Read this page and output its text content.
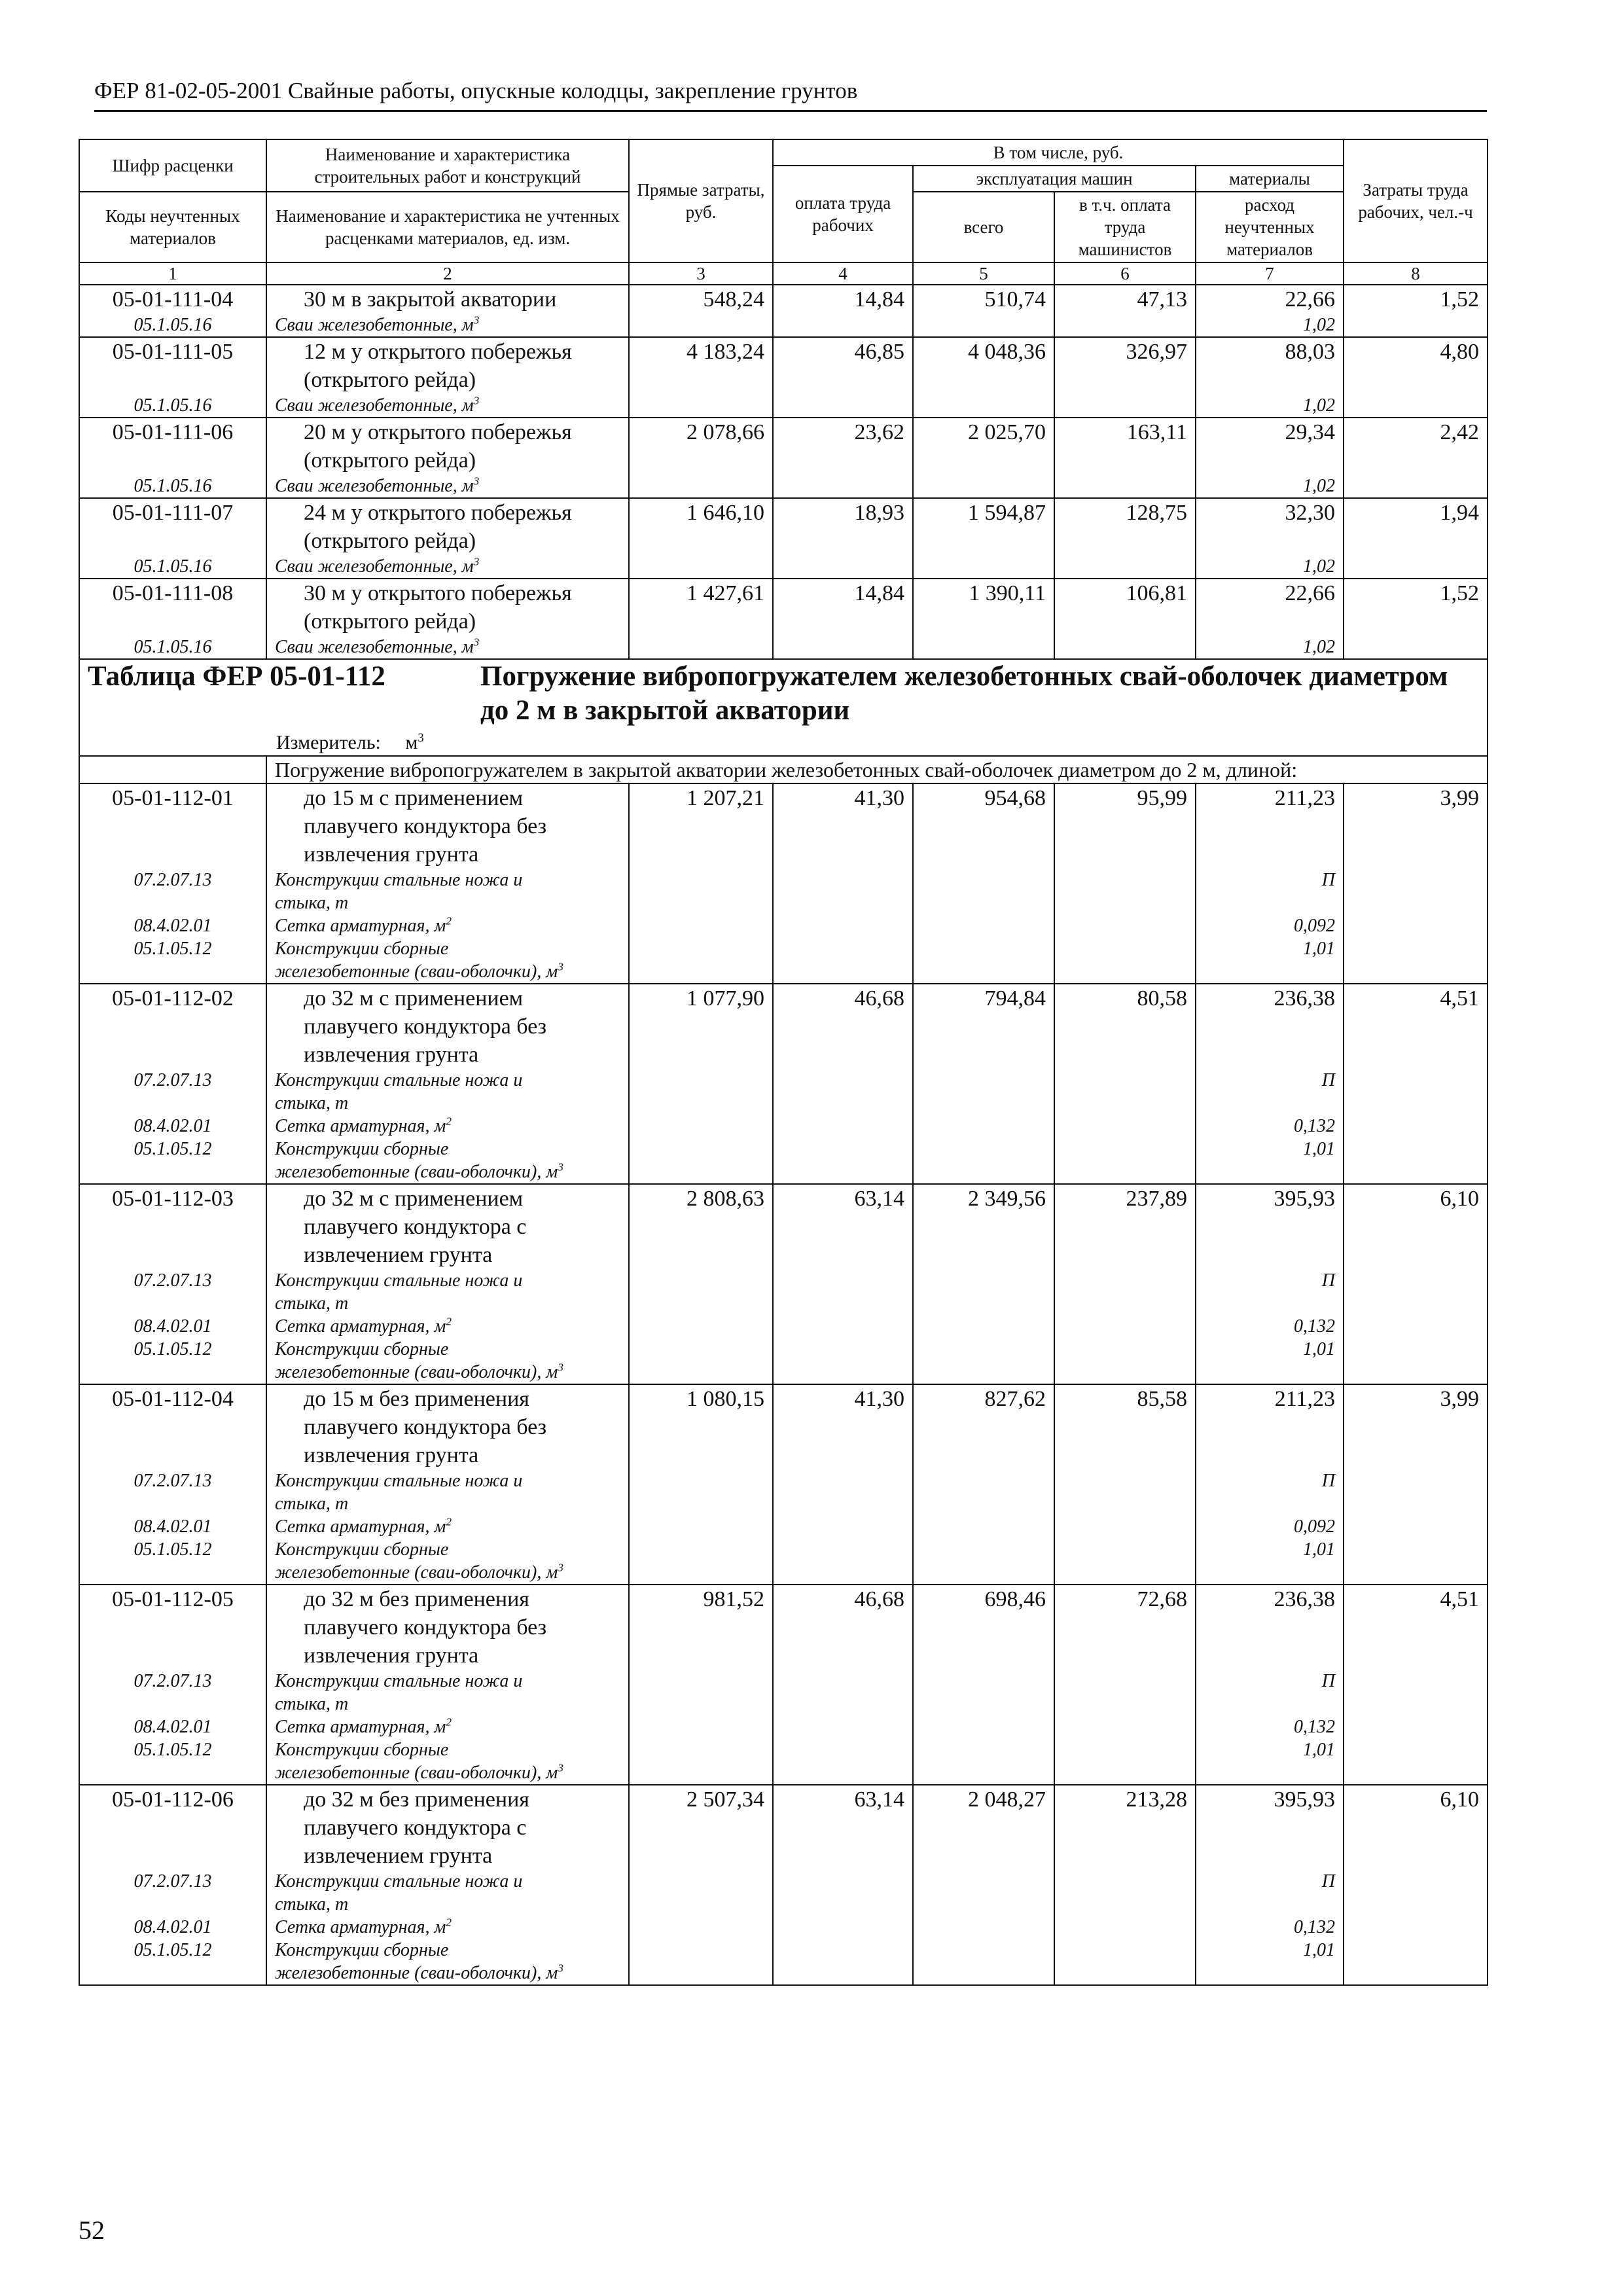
ФЕР 81-02-05-2001 Свайные работы, опускные колодцы, закрепление грунтов
Шифр расценки	Наименование и характеристика строительных работ и конструкций	Прямые затраты, руб.	В том числе, руб.				Затраты труда рабочих, чел.-ч
			оплата труда рабочих	эксплуатация машин		материалы	
Коды неучтенных материалов	Наименование и характеристика не учтенных расценками материалов, ед. изм.			всего	в т.ч. оплата труда машинистов	расход неучтенных материалов	

1	2	3	4	5	6	7	8
05-01-111-04	30 м в закрытой акватории	548,24	14,84	510,74	47,13	22,66	1,52
05.1.05.16	Сваи железобетонные, $м^3$					1,02	
05-01-111-05	12 м у открытого побережья (открытого рейда)	4 183,24	46,85	4 048,36	326,97	88,03	4,80
05.1.05.16	Сваи железобетонные, $м^3$					1,02	
05-01-111-06	20 м у открытого побережья (открытого рейда)	2 078,66	23,62	2 025,70	163,11	29,34	2,42
05.1.05.16	Сваи железобетонные, $м^3$					1,02	
05-01-111-07	24 м у открытого побережья (открытого рейда)	1 646,10	18,93	1 594,87	128,75	32,30	1,94
05.1.05.16	Сваи железобетонные, $м^3$					1,02	
05-01-111-08	30 м у открытого побережья (открытого рейда)	1 427,61	14,84	1 390,11	106,81	22,66	1,52
05.1.05.16	Сваи железобетонные, $м^3$					1,02	

Таблица ФЕР 05-01-112 Погружение вибропогружателем железобетонных свай-оболочек диаметром до 2 м в закрытой акватории
Измеритель: $м^3$

	Погружение вибропогружателем в закрытой акватории железобетонных свай-оболочек диаметром до 2 м, длиной:						
05-01-112-01	до 15 м с применением плавучего кондуктора без извлечения грунта	1 207,21	41,30	954,68	95,99	211,23	3,99
07.2.07.13	Конструкции стальные ножа и					П	
	стыка, т						
08.4.02.01	Сетка арматурная, $м^2$					0,092	
05.1.05.12	Конструкции сборные					1,01	
	железобетонные (сваи-оболочки), $м^3$						
05-01-112-02	до 32 м с применением плавучего кондуктора без извлечения грунта	1 077,90	46,68	794,84	80,58	236,38	4,51
07.2.07.13	Конструкции стальные ножа и					П	
	стыка, т						
08.4.02.01	Сетка арматурная, $м^2$					0,132	
05.1.05.12	Конструкции сборные					1,01	
	железобетонные (сваи-оболочки), $м^3$						
05-01-112-03	до 32 м с применением плавучего кондуктора с извлечением грунта	2 808,63	63,14	2 349,56	237,89	395,93	6,10
07.2.07.13	Конструкции стальные ножа и					П	
	стыка, т						
08.4.02.01	Сетка арматурная, $м^2$					0,132	
05.1.05.12	Конструкции сборные					1,01	
	железобетонные (сваи-оболочки), $м^3$						
05-01-112-04	до 15 м без применения плавучего кондуктора без извлечения грунта	1 080,15	41,30	827,62	85,58	211,23	3,99
07.2.07.13	Конструкции стальные ножа и					П	
	стыка, т						
08.4.02.01	Сетка арматурная, $м^2$					0,092	
05.1.05.12	Конструкции сборные					1,01	
	железобетонные (сваи-оболочки), $м^3$						
05-01-112-05	до 32 м без применения плавучего кондуктора без извлечения грунта	981,52	46,68	698,46	72,68	236,38	4,51
07.2.07.13	Конструкции стальные ножа и					П	
	стыка, т						
08.4.02.01	Сетка арматурная, $м^2$					0,132	
05.1.05.12	Конструкции сборные					1,01	
	железобетонные (сваи-оболочки), $м^3$						
05-01-112-06	до 32 м без применения плавучего кондуктора с извлечением грунта	2 507,34	63,14	2 048,27	213,28	395,93	6,10
07.2.07.13	Конструкции стальные ножа и					П	
	стыка, т						
08.4.02.01	Сетка арматурная, $м^2$					0,132	
05.1.05.12	Конструкции сборные					1,01	
	железобетонные (сваи-оболочки), $м^3$						
52
